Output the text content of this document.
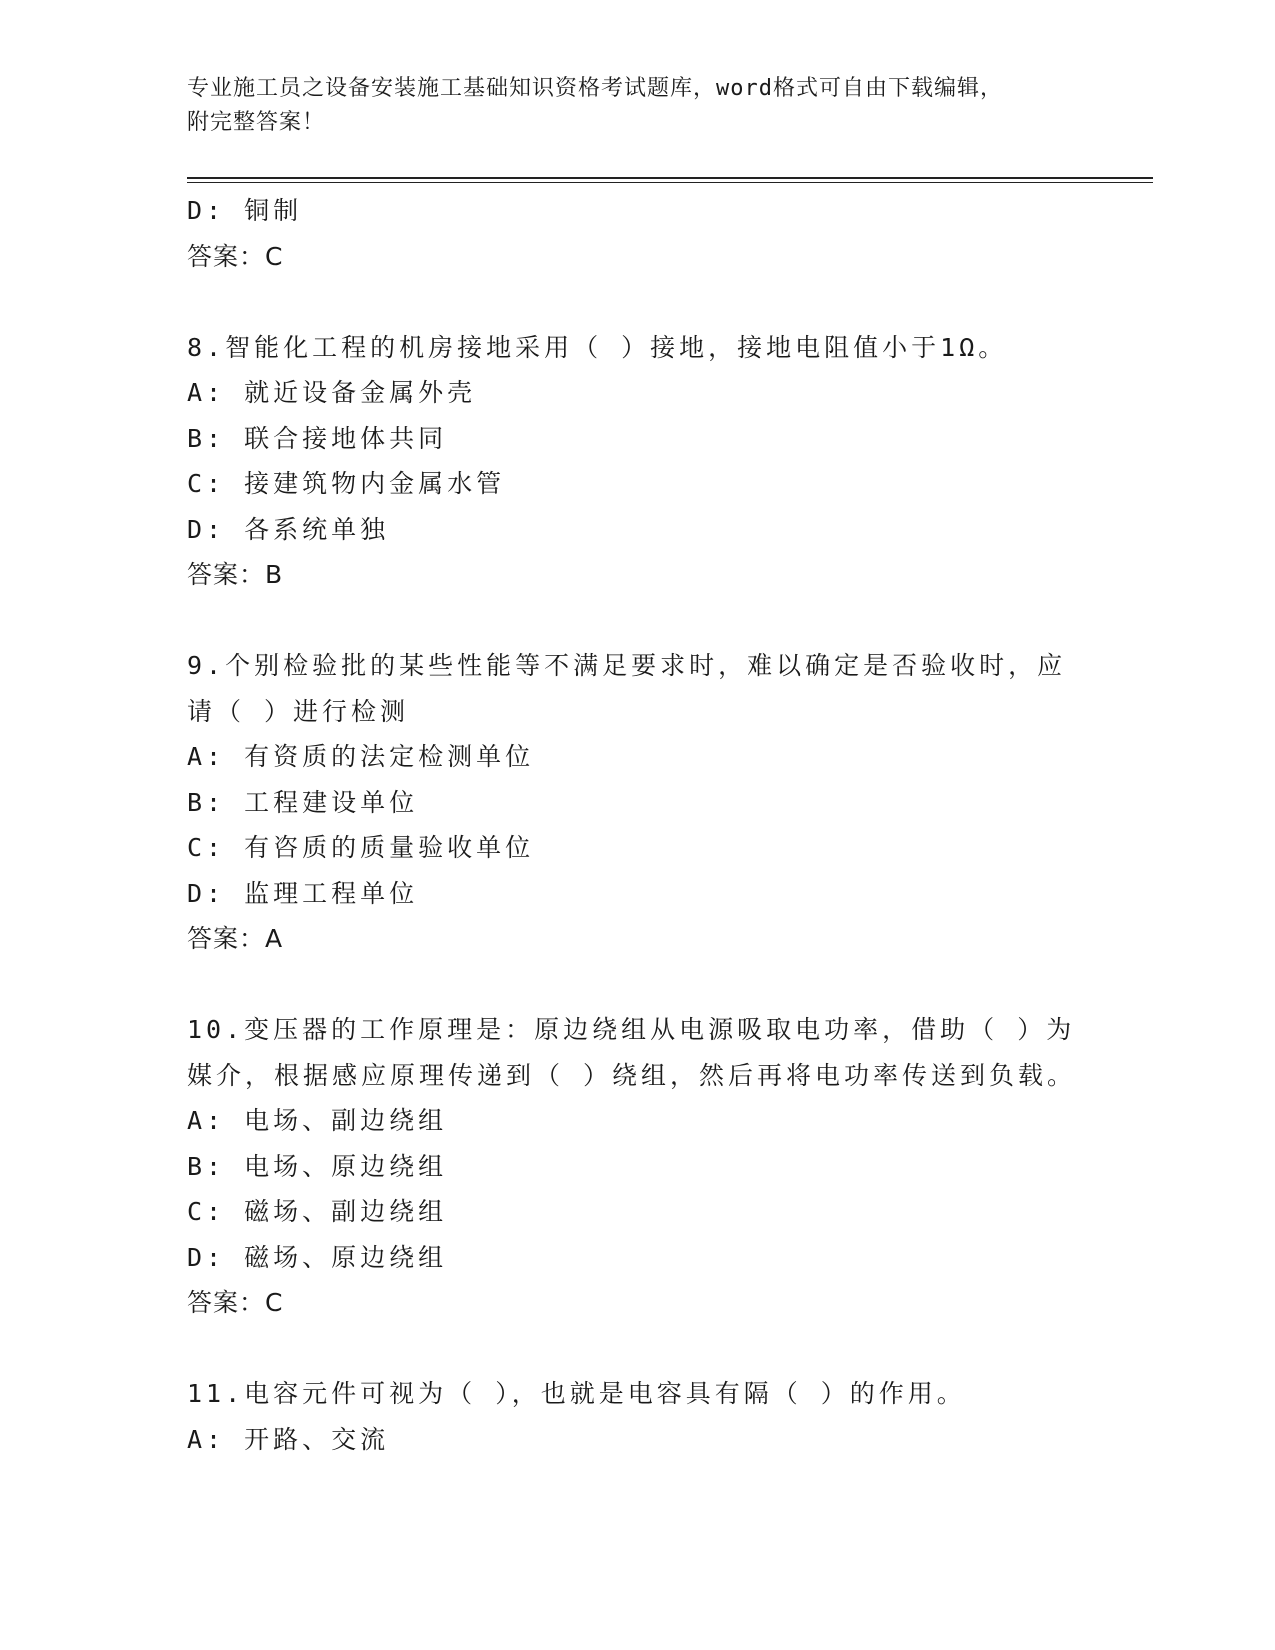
专业施工员之设备安装施工基础知识资格考试题库，word格式可自由下载编辑，
附完整答案！
D: 铜制
答案：C
8.智能化工程的机房接地采用（ ）接地，接地电阻值小于1Ω。
A: 就近设备金属外壳
B: 联合接地体共同
C: 接建筑物内金属水管
D: 各系统单独
答案：B
9.个别检验批的某些性能等不满足要求时，难以确定是否验收时，应
请（ ）进行检测
A: 有资质的法定检测单位
B: 工程建设单位
C: 有咨质的质量验收单位
D: 监理工程单位
答案：A
10.变压器的工作原理是：原边绕组从电源吸取电功率，借助（ ）为
媒介，根据感应原理传递到（ ）绕组，然后再将电功率传送到负载。
A: 电场、副边绕组
B: 电场、原边绕组
C: 磁场、副边绕组
D: 磁场、原边绕组
答案：C
11.电容元件可视为（ ），也就是电容具有隔（ ）的作用。
A: 开路、交流
